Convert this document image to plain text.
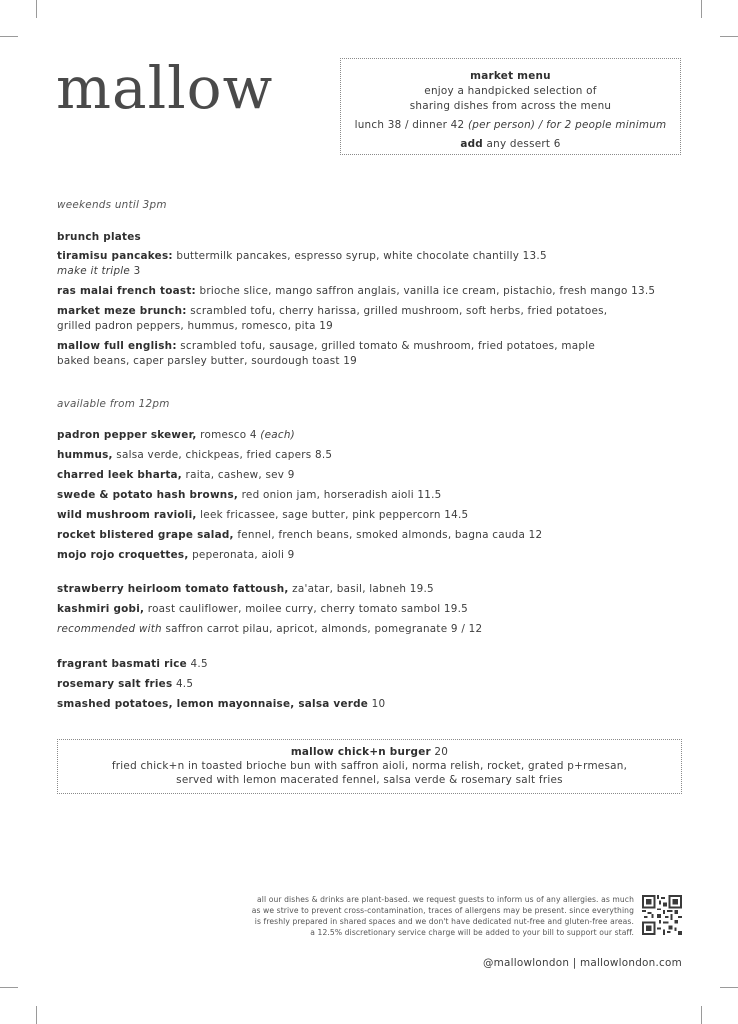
mallow	market menu
enjoy a handpicked selection of
sharing dishes from across the menu
lunch 38 / dinner 42 (per person) / for 2 people minimum
add any dessert 6
weekends until 3pm
brunch plates
tiramisu pancakes: buttermilk pancakes, espresso syrup, white chocolate chantilly 13.5
make it triple 3
ras malai french toast: brioche slice, mango saffron anglais, vanilla ice cream, pistachio, fresh mango 13.5
market meze brunch: scrambled tofu, cherry harissa, grilled mushroom, soft herbs, fried potatoes,
grilled padron peppers, hummus, romesco, pita 19
mallow full english: scrambled tofu, sausage, grilled tomato & mushroom, fried potatoes, maple
baked beans, caper parsley butter, sourdough toast 19
available from 12pm
padron pepper skewer, romesco 4 (each)
hummus, salsa verde, chickpeas, fried capers 8.5
charred leek bharta, raita, cashew, sev 9
swede & potato hash browns, red onion jam, horseradish aioli 11.5
wild mushroom ravioli, leek fricassee, sage butter, pink peppercorn 14.5
rocket blistered grape salad, fennel, french beans, smoked almonds, bagna cauda 12
mojo rojo croquettes, peperonata, aioli 9
strawberry heirloom tomato fattoush, za'atar, basil, labneh 19.5
kashmiri gobi, roast cauliflower, moilee curry, cherry tomato sambol 19.5
recommended with saffron carrot pilau, apricot, almonds, pomegranate 9 / 12
fragrant basmati rice 4.5
rosemary salt fries 4.5
smashed potatoes, lemon mayonnaise, salsa verde 10
mallow chick+n burger 20
fried chick+n in toasted brioche bun with saffron aioli, norma relish, rocket, grated p+rmesan,
served with lemon macerated fennel, salsa verde & rosemary salt fries
all our dishes & drinks are plant-based. we request guests to inform us of any allergies. as much
as we strive to prevent cross-contamination, traces of allergens may be present. since everything
is freshly prepared in shared spaces and we don't have dedicated nut-free and gluten-free areas.
a 12.5% discretionary service charge will be added to your bill to support our staff.
@mallowlondon | mallowlondon.com
